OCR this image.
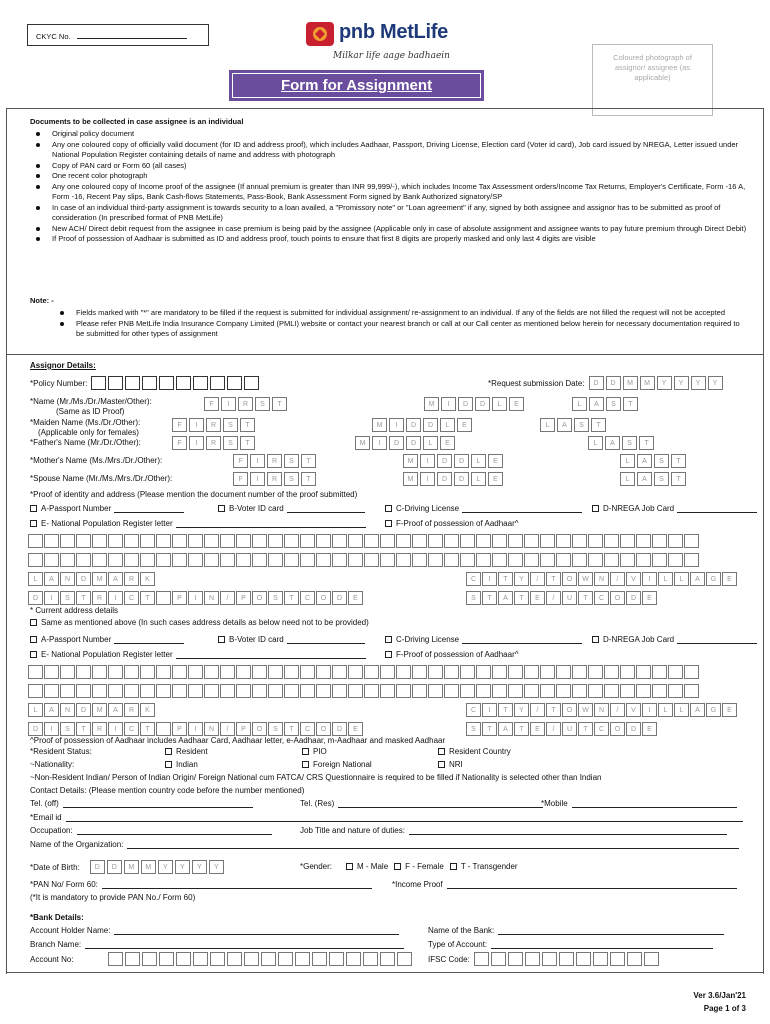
CKYC No.	pnb MetLife
Milkar life aage badhaein
Form for Assignment
Coloured photograph of assignor/ assignee (as applicable)
Documents to be collected in case assignee is an individual
Original policy document
Any one coloured copy of officially valid document (for ID and address proof), which includes Aadhaar, Passport, Driving License, Election card (Voter id card), Job card issued by NREGA, Letter issued under National Population Register containing details of name and address with photograph
Copy of PAN card or Form 60 (all cases)
One recent color photograph
Any one coloured copy of Income proof of the assignee (If annual premium is greater than INR 99,999/-), which includes Income Tax Assessment orders/Income Tax Returns, Employer's Certificate, Form -16 A, Form -16, Recent Pay slips, Bank Cash-flows Statements, Pass-Book, Bank Assessment Form signed by Bank Authorized signatory/SP
In case of an individual third-party assignment is towards security to a loan availed, a "Promissory note" or "Loan agreement" if any, signed by both assignee and assignor has to be submitted as proof of consideration (In prescribed format of PNB MetLife)
New ACH/ Direct debit request from the assignee in case premium is being paid by the assignee (Applicable only in case of absolute assignment and assignee wants to pay future premium through Direct Debit)
If Proof of possession of Aadhaar is submitted as ID and address proof, touch points to ensure that first 8 digits are properly masked and only last 4 digits are visible
Note: -
Fields marked with "*" are mandatory to be filled if the request is submitted for individual assignment/ re-assignment to an individual. If any of the fields are not filled the request will not be accepted
Please refer PNB MetLife India Insurance Company Limited (PMLI) website or contact your nearest branch or call at our Call center as mentioned below herein for necessary documentation required to be submitted for other types of assignment
Assignor Details:
*Policy Number:	*Request submission Date:	D	D	M	M	Y	Y	Y	Y
*Name (Mr./Ms./Dr./Master/Other):
(Same as ID Proof)
F	I	R	S	T	M	I	D	D	L	E	L	A	S	T
*Maiden Name (Ms./Dr./Other):
(Applicable only for females)
F	I	R	S	T	M	I	D	D	L	E	L	A	S	T
*Father's Name (Mr./Dr./Other):	F	I	R	S	T	M	I	D	D	L	E	L	A	S	T
*Mother's Name (Ms./Mrs./Dr./Other):	F	I	R	S	T	M	I	D	D	L	E	L	A	S	T
*Spouse Name (Mr./Ms./Mrs./Dr./Other):	F	I	R	S	T	M	I	D	D	L	E	L	A	S	T
*Proof of identity and address (Please mention the document number of the proof submitted)
A-Passport Number	B-Voter ID card	C-Driving License	D-NREGA Job Card
E- National Population Register letter	F-Proof of possession of Aadhaar^
L	A	N	D	M	A	R	K	C	I	T	Y	/	T	O	W	N	/	V	I	L	L	A	G	E
D	I	S	T	R	I	C	T	P	I	N	/	P	O	S	T	C	O	D	E	S	T	A	T	E	/	U	T	C	O	D	E
* Current address details
Same as mentioned above (In such cases address details as below need not to be provided)
A-Passport Number	B-Voter ID card	C-Driving License	D-NREGA Job Card
E- National Population Register letter	F-Proof of possession of Aadhaar^
L	A	N	D	M	A	R	K	C	I	T	Y	/	T	O	W	N	/	V	I	L	L	A	G	E
D	I	S	T	R	I	C	T	P	I	N	/	P	O	S	T	C	O	D	E	S	T	A	T	E	/	U	T	C	O	D	E
^Proof of possession of Aadhaar includes Aadhaar Card, Aadhaar letter, e-Aadhaar, m-Aadhaar and masked Aadhaar
*Resident Status:	Resident	PIO	Resident Country
~Nationality:	Indian	Foreign National	NRI
~Non-Resident Indian/ Person of Indian Origin/ Foreign National cum FATCA/ CRS Questionnaire is required to be filled if Nationality is selected other than Indian
Contact Details: (Please mention country code before the number mentioned)
Tel. (off)	Tel. (Res)	*Mobile
*Email id
Occupation:	Job Title and nature of duties:
Name of the Organization:
*Date of Birth:	D	D	M	M	Y	Y	Y	Y	*Gender:	M - Male F - Female T - Transgender
*PAN No/ Form 60:	*Income Proof
(*It is mandatory to provide PAN No./ Form 60)
*Bank Details:
Account Holder Name:	Name of the Bank:
Branch Name:	Type of Account:
Account No:	IFSC Code:
Ver 3.6/Jan'21
Page 1 of 3
